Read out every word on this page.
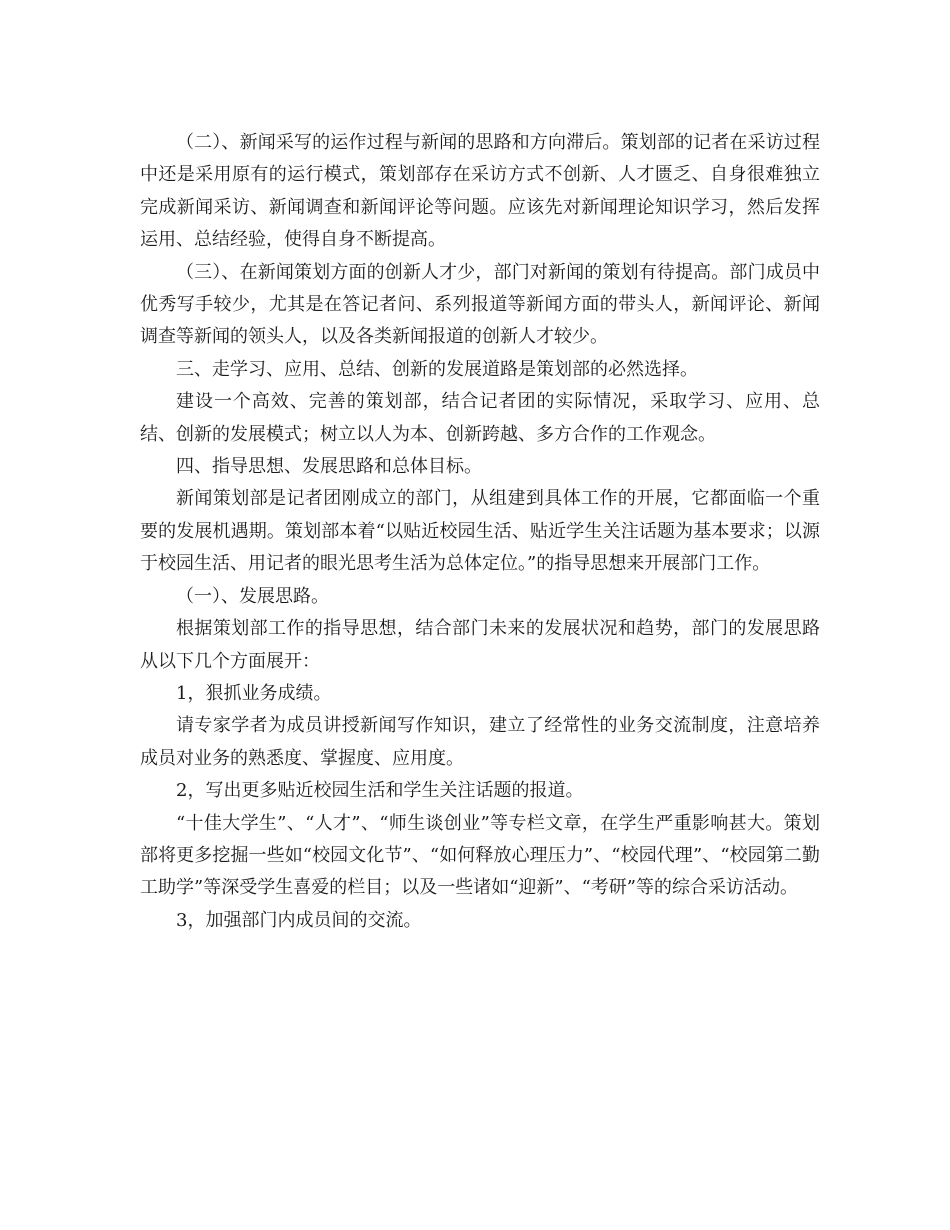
（二）、新闻采写的运作过程与新闻的思路和方向滞后。策划部的记者在采访过程中还是采用原有的运行模式，策划部存在采访方式不创新、人才匮乏、自身很难独立完成新闻采访、新闻调查和新闻评论等问题。应该先对新闻理论知识学习，然后发挥运用、总结经验，使得自身不断提高。

（三）、在新闻策划方面的创新人才少，部门对新闻的策划有待提高。部门成员中优秀写手较少，尤其是在答记者问、系列报道等新闻方面的带头人，新闻评论、新闻调查等新闻的领头人，以及各类新闻报道的创新人才较少。

三、走学习、应用、总结、创新的发展道路是策划部的必然选择。

建设一个高效、完善的策划部，结合记者团的实际情况，采取学习、应用、总结、创新的发展模式；树立以人为本、创新跨越、多方合作的工作观念。

四、指导思想、发展思路和总体目标。

新闻策划部是记者团刚成立的部门，从组建到具体工作的开展，它都面临一个重要的发展机遇期。策划部本着“以贴近校园生活、贴近学生关注话题为基本要求；以源于校园生活、用记者的眼光思考生活为总体定位。”的指导思想来开展部门工作。

（一）、发展思路。

根据策划部工作的指导思想，结合部门未来的发展状况和趋势，部门的发展思路从以下几个方面展开：

1，狠抓业务成绩。

请专家学者为成员讲授新闻写作知识，建立了经常性的业务交流制度，注意培养成员对业务的熟悉度、掌握度、应用度。

2，写出更多贴近校园生活和学生关注话题的报道。

“十佳大学生”、“人才”、“师生谈创业”等专栏文章，在学生严重影响甚大。策划部将更多挖掘一些如“校园文化节”、“如何释放心理压力”、“校园代理”、“校园第二勤工助学”等深受学生喜爱的栏目；以及一些诸如“迎新”、“考研”等的综合采访活动。

3，加强部门内成员间的交流。
